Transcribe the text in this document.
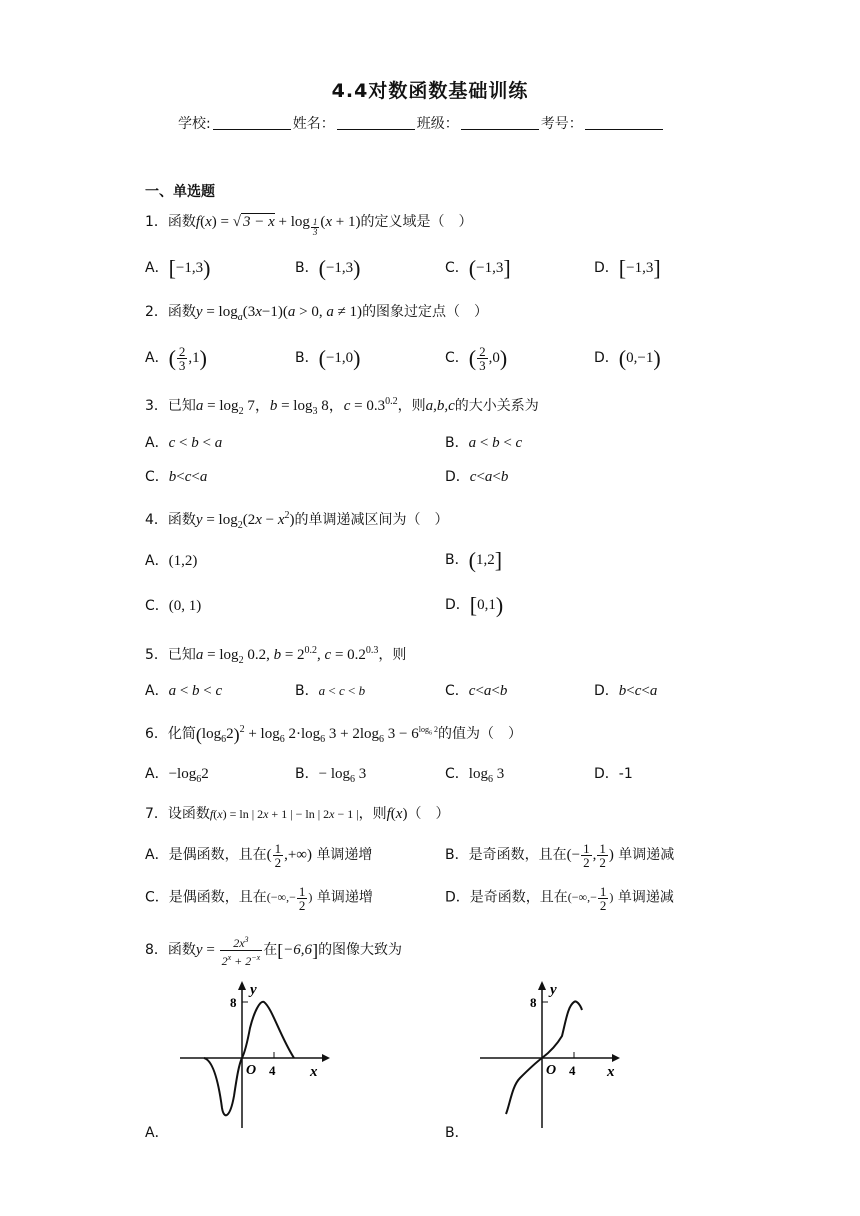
4.4对数函数基础训练
学校:	姓名：	班级：	考号：
一、单选题
1．函数f(x) = √ 3 − x + log $_{\frac{1}{3}}$ (x + 1)的定义域是（　）
A．[−1,3)	B．(−1,3)	C．(−1,3]	D．[−1,3]
2．函数$y = \log_a(3x-1)(a > 0$, a ≠ 1)的图象过定点（　）
A．( $\frac{2}{3} ,1$)	B．(−1,0)	C．( $\frac{2}{3} ,0$)	D．(0,−1)
3．已知$a = \log_2 7$，$b = \log_3 8$，$c = 0.3^{0.2}$，则a,b,c的大小关系为
A．c < b < a	B．a < b < c
C．b<c<a	D．c<a<b
4．函数$y = \log_2(2x - x^2)$的单调递减区间为（　）
A．(1,2)	B．(1,2]
C．(0, 1)	D．[0,1)
5．已知$a = \log_2 0.2$, $b = 2^{0.2}$, $c = 0.2^{0.3}$，则
A．a < b < c	B．a < c < b	C．c<a<b	D．b<c<a
6．化简$(\log_62)^2 + \log_6 2\cdot\log_6$ $3 + 2\log_6$ $3 - 6^{log_6 2}$的值为（　）
A．$-\log_62$	B．− $\log_6 3$	C．$\log_6 3$	D．-1
7．设函数f(x) = ln | 2x + 1 | − ln | 2x − 1 |，则f(x)（　）
A．是偶函数，且在( $\frac{1}{2}$ ,+∞) 单调递增	B．是奇函数，且在(− $\frac{1}{2}$ , $\frac{1}{2}$ ) 单调递减
C．是偶函数，且在(−∞,− $\frac{1}{2}$ ) 单调递增	D．是奇函数，且在(−∞,− $\frac{1}{2}$ ) 单调递减
8．函数$y = \frac{2x^3}{2^x + 2^{-x}}$ 在[−6,6]的图像大致为
y
8
O 4 x
A．
y
8
O 4 x
B．
